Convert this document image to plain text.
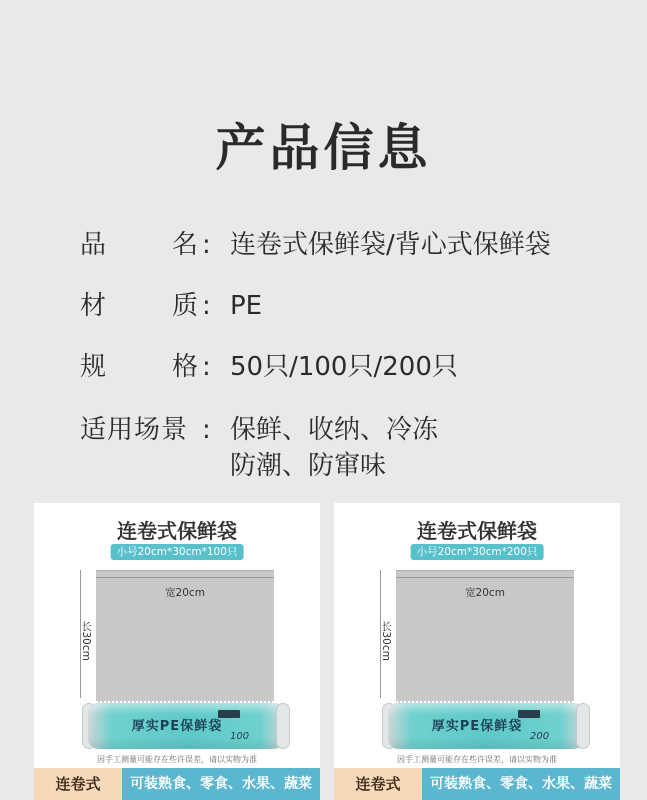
产品信息
品	名 : 连卷式保鲜袋/背心式保鲜袋
材	质 : PE
规	格 : 50只/100只/200只
适用场景 : 保鲜、收纳、冷冻
防潮、防窜味
连卷式保鲜袋
小号20cm*30cm*100只
宽20cm
长30cm
厚实PE保鲜袋
100
因手工测量可能存在些许误差，请以实物为准
连卷式	可装熟食、零食、水果、蔬菜
连卷式保鲜袋
小号20cm*30cm*200只
宽20cm
长30cm
厚实PE保鲜袋
200
因手工测量可能存在些许误差，请以实物为准
连卷式	可装熟食、零食、水果、蔬菜
